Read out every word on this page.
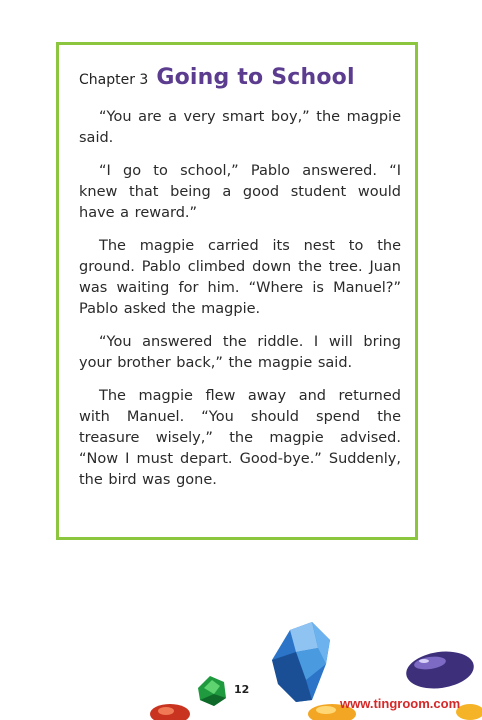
Chapter 3 Going to School

“You are a very smart boy,” the magpie said.

“I go to school,” Pablo answered. “I knew that being a good student would have a reward.”

The magpie carried its nest to the ground. Pablo climbed down the tree. Juan was waiting for him. “Where is Manuel?” Pablo asked the magpie.

“You answered the riddle. I will bring your brother back,” the magpie said.

The magpie flew away and returned with Manuel. “You should spend the treasure wisely,” the magpie advised. “Now I must depart. Good-bye.” Suddenly, the bird was gone.

12
www.tingroom.com
